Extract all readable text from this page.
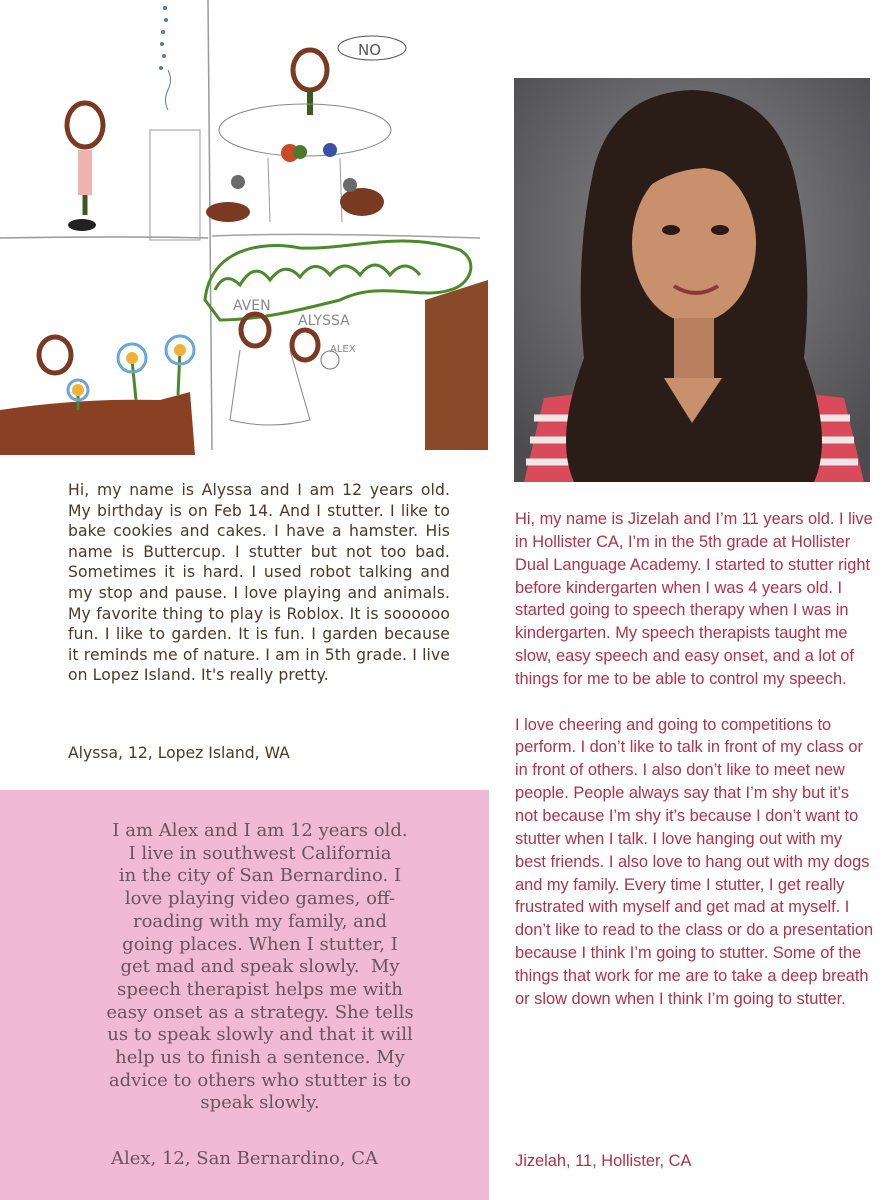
NO
AVEN
ALYSSA
ALEX
Hi, my name is Alyssa and I am 12 years old. My birthday is on Feb 14. And I stutter. I like to bake cookies and cakes. I have a hamster. His name is Buttercup. I stutter but not too bad. Sometimes it is hard. I used robot talking and my stop and pause. I love playing and animals. My favorite thing to play is Roblox. It is soooooo fun. I like to garden. It is fun. I garden because it reminds me of nature. I am in 5th grade. I live on Lopez Island. It's really pretty.
Alyssa, 12, Lopez Island, WA
I am Alex and I am 12 years old.
I live in southwest California
in the city of San Bernardino. I
love playing video games, off-
roading with my family, and
going places. When I stutter, I
get mad and speak slowly.  My
speech therapist helps me with
easy onset as a strategy. She tells
us to speak slowly and that it will
help us to finish a sentence. My
advice to others who stutter is to
speak slowly.
Alex, 12, San Bernardino, CA

Hi, my name is Jizelah and I’m 11 years old. I live in Hollister CA, I’m in the 5th grade at Hollister Dual Language Academy. I started to stutter right before kindergarten when I was 4 years old. I started going to speech therapy when I was in kindergarten. My speech therapists taught me slow, easy speech and easy onset, and a lot of things for me to be able to control my speech.

I love cheering and going to competitions to perform. I don’t like to talk in front of my class or in front of others. I also don’t like to meet new people. People always say that I’m shy but it’s not because I’m shy it’s because I don’t want to stutter when I talk. I love hanging out with my best friends. I also love to hang out with my dogs and my family. Every time I stutter, I get really frustrated with myself and get mad at myself. I don’t like to read to the class or do a presentation because I think I’m going to stutter. Some of the things that work for me are to take a deep breath or slow down when I think I’m going to stutter.

Jizelah, 11, Hollister, CA
